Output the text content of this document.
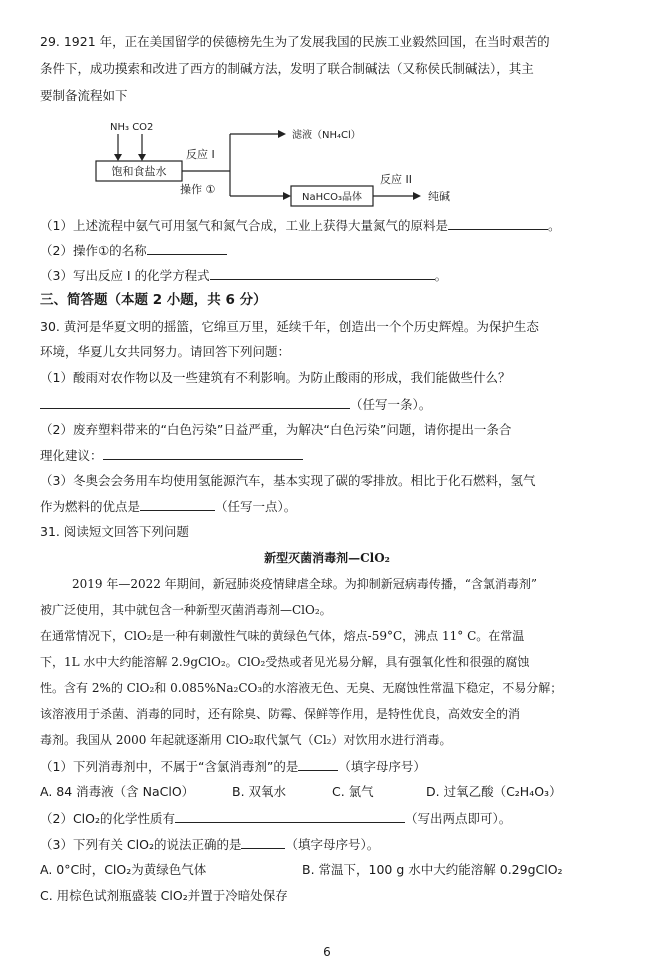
29. 1921 年，正在美国留学的侯德榜先生为了发展我国的民族工业毅然回国，在当时艰苦的
条件下，成功摸索和改进了西方的制碱方法，发明了联合制碱法（又称侯氏制碱法），其主
要制备流程如下
NH₃ CO2
饱和食盐水
反应 I
滤液（NH₄Cl）
操作 ①
NaHCO₃晶体
反应 II
纯碱
（1）上述流程中氨气可用氢气和氮气合成，工业上获得大量氮气的原料是	。
（2）操作①的名称
（3）写出反应 I 的化学方程式	。
三、简答题（本题 2 小题，共 6 分）
30. 黄河是华夏文明的摇篮，它绵亘万里，延续千年，创造出一个个历史辉煌。为保护生态
环境，华夏儿女共同努力。请回答下列问题：
（1）酸雨对农作物以及一些建筑有不利影响。为防止酸雨的形成，我们能做些什么？
（任写一条）。
（2）废弃塑料带来的“白色污染”日益严重，为解决“白色污染”问题，请你提出一条合
理化建议：
（3）冬奥会会务用车均使用氢能源汽车，基本实现了碳的零排放。相比于化石燃料，氢气
作为燃料的优点是	（任写一点）。
31. 阅读短文回答下列问题
新型灭菌消毒剂—ClO₂
2019 年—2022 年期间，新冠肺炎疫情肆虐全球。为抑制新冠病毒传播，“含氯消毒剂”
被广泛使用，其中就包含一种新型灭菌消毒剂—ClO₂。
在通常情况下，ClO₂是一种有刺激性气味的黄绿色气体，熔点-59°C，沸点 11° C。在常温
下，1L 水中大约能溶解 2.9gClO₂。ClO₂受热或者见光易分解，具有强氧化性和很强的腐蚀
性。含有 2%的 ClO₂和 0.085%Na₂CO₃的水溶液无色、无臭、无腐蚀性常温下稳定，不易分解；
该溶液用于杀菌、消毒的同时，还有除臭、防霉、保鲜等作用，是特性优良，高效安全的消
毒剂。我国从 2000 年起就逐渐用 ClO₂取代氯气（Cl₂）对饮用水进行消毒。
（1）下列消毒剂中，不属于“含氯消毒剂”的是	（填字母序号）
A. 84 消毒液（含 NaClO）	B. 双氧水	C. 氯气	D. 过氧乙酸（C₂H₄O₃）
（2）ClO₂的化学性质有	（写出两点即可）。
（3）下列有关 ClO₂的说法正确的是	（填字母序号）。
A. 0°C时，ClO₂为黄绿色气体	B. 常温下，100 g 水中大约能溶解 0.29gClO₂
C. 用棕色试剂瓶盛装 ClO₂并置于冷暗处保存
6
